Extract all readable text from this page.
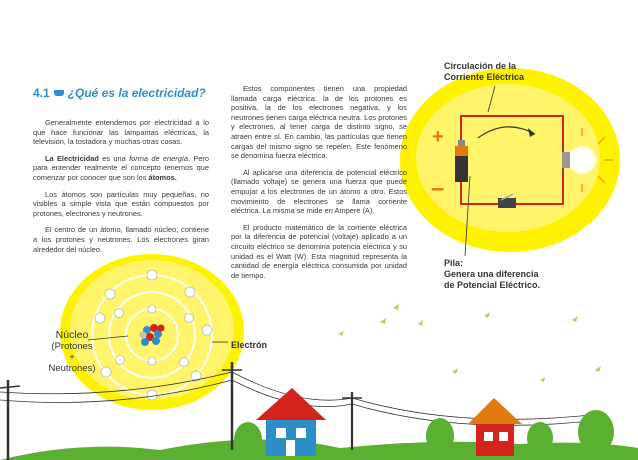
4.1 ¿Qué es la electricidad?

Generalmente entendemos por electricidad a lo que hace funcionar las lamparitas eléctricas, la televisión, la tostadora y muchas otras cosas.

La Electricidad es una forma de energía. Pero para entender realmente el concepto tenemos que comenzar por conocer que son los átomos.

Los átomos son partículas muy pequeñas, no visibles a simple vista que están compuestos por protones, electrones y neutrones.

El centro de un átomo, llamado núcleo, contiene a los protones y neutrones. Los electrones giran alrededor del núcleo.

Estos componentes tienen una propiedad llamada carga eléctrica: la de los protones es positiva, la de los electrones negativa, y los neutrones tienen carga eléctrica neutra. Los protones y electrones, al tener carga de distinto signo, se atraen entre sí. En cambio, las partículas que tienen cargas del mismo signo se repelen. Este fenómeno se denomina fuerza eléctrica.

Al aplicarse una diferencia de potencial eléctrico (llamado voltaje) se genera una fuerza que puede empujar a los electrones de un átomo a otro. Estos movimiento de electrones se llama corriente eléctrica. La misma se mide en Ampere (A).

El producto matemático de la corriente eléctrica por la diferencia de potencial (voltaje) aplicado a un circuito eléctrico se denomina potencia eléctrica y su unidad es el Watt (W). Esta magnitud representa la cantidad de energía eléctrica consumida por unidad de tiempo.

Circulación de la
Corriente Eléctrica
Pila:
Genera una diferencia
de Potencial Eléctrico.
+
–
Núcleo
(Protones
+
Neutrones)
Electrón
